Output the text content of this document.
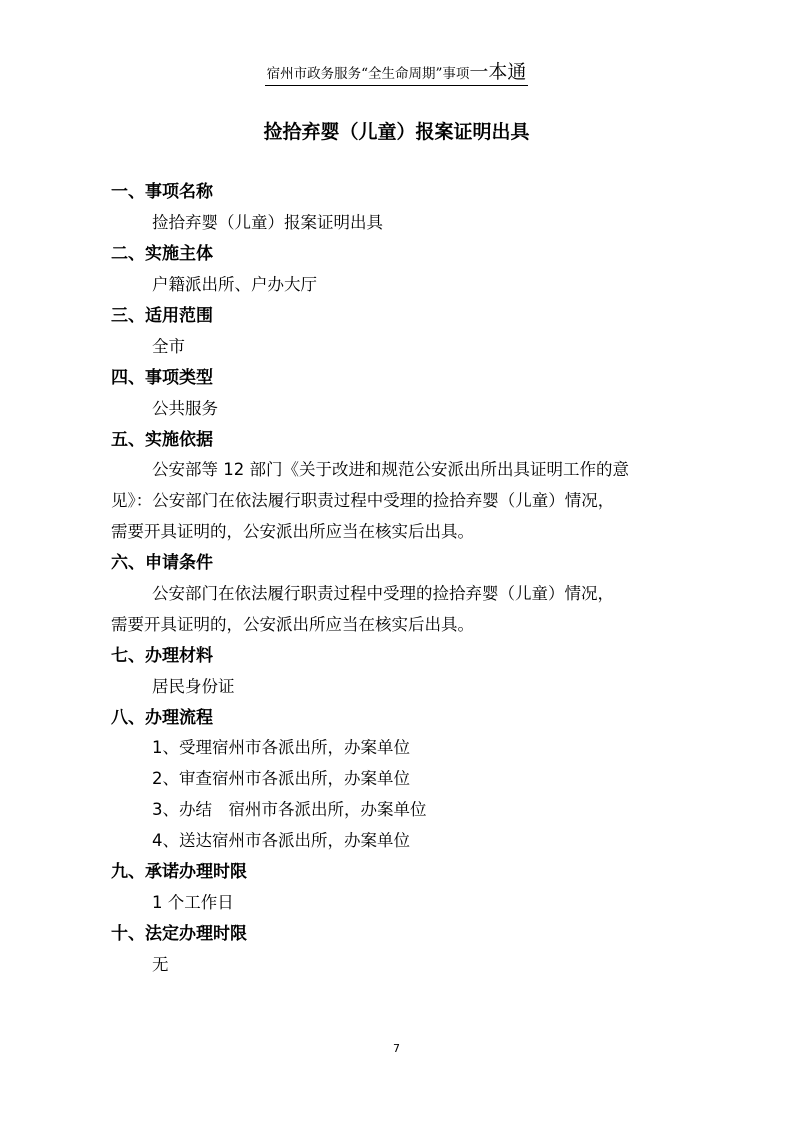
宿州市政务服务“全生命周期”事项一本通
捡拾弃婴（儿童）报案证明出具
一、事项名称
捡拾弃婴（儿童）报案证明出具
二、实施主体
户籍派出所、户办大厅
三、适用范围
全市
四、事项类型
公共服务
五、实施依据
公安部等 12 部门《关于改进和规范公安派出所出具证明工作的意
见》：公安部门在依法履行职责过程中受理的捡拾弃婴（儿童）情况，
需要开具证明的，公安派出所应当在核实后出具。
六、申请条件
公安部门在依法履行职责过程中受理的捡拾弃婴（儿童）情况，
需要开具证明的，公安派出所应当在核实后出具。
七、办理材料
居民身份证
八、办理流程
1、受理宿州市各派出所，办案单位
2、审查宿州市各派出所，办案单位
3、办结　宿州市各派出所，办案单位
4、送达宿州市各派出所，办案单位
九、承诺办理时限
1 个工作日
十、法定办理时限
无
7
